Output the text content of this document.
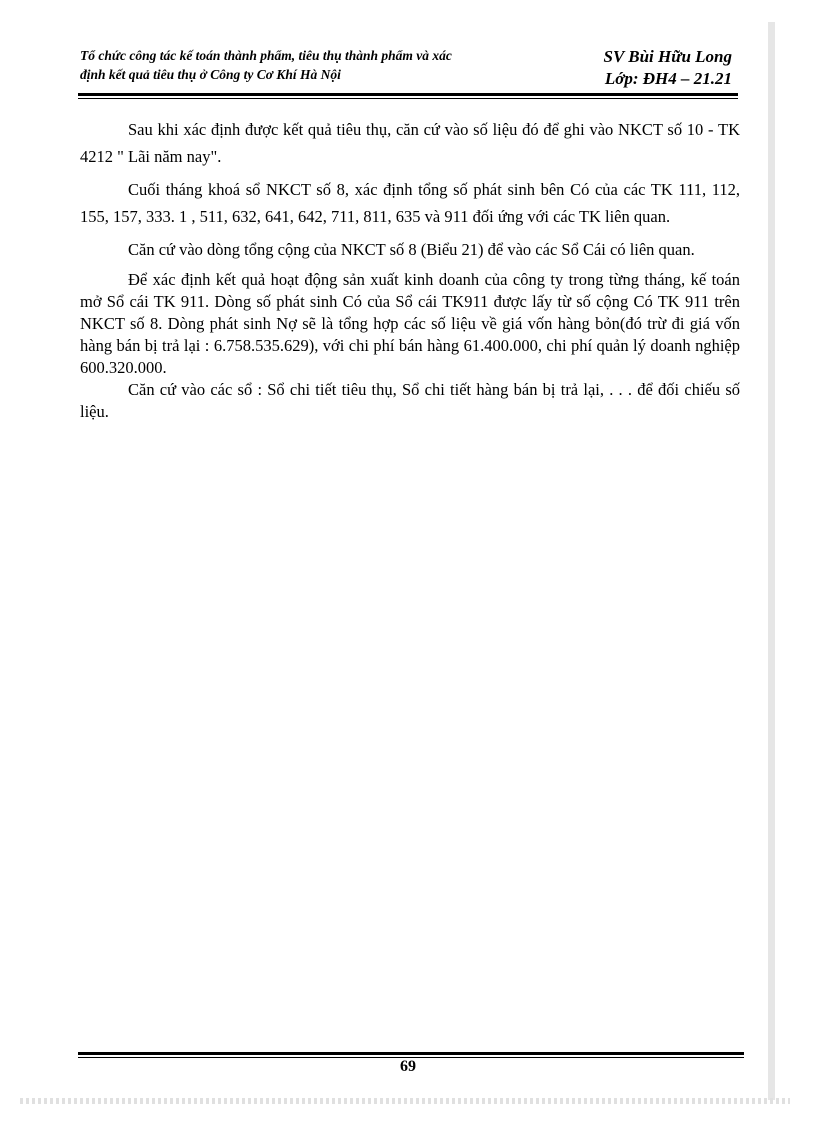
Tổ chức công tác kế toán thành phẩm, tiêu thụ thành phẩm và xác
định kết quả tiêu thụ ở Công ty Cơ Khí Hà Nội
SV Bùi Hữu Long
Lớp: ĐH4 – 21.21

Sau khi xác định được kết quả tiêu thụ, căn cứ vào số liệu đó để ghi vào NKCT số 10 - TK 4212 " Lãi năm nay".

Cuối tháng khoá sổ NKCT số 8, xác định tổng số phát sinh bên Có của các TK 111, 112, 155, 157, 333. 1 , 511, 632, 641, 642, 711, 811, 635 và 911 đối ứng với các TK liên quan.

Căn cứ vào dòng tổng cộng của NKCT số 8 (Biểu 21) để vào các Sổ Cái có liên quan.

Để xác định kết quả hoạt động sản xuất kinh doanh của công ty trong từng tháng, kế toán mở Sổ cái TK 911. Dòng số phát sinh Có của Sổ cái TK911 được lấy từ số cộng Có TK 911 trên NKCT số 8. Dòng phát sinh Nợ sẽ là tổng hợp các số liệu về giá vốn hàng bỏn(đó trừ đi giá vốn hàng bán bị trả lại : 6.758.535.629), với chi phí bán hàng 61.400.000, chi phí quản lý doanh nghiệp 600.320.000.

Căn cứ vào các sổ : Sổ chi tiết tiêu thụ, Sổ chi tiết hàng bán bị trả lại, . . . để đối chiếu số liệu.

69
